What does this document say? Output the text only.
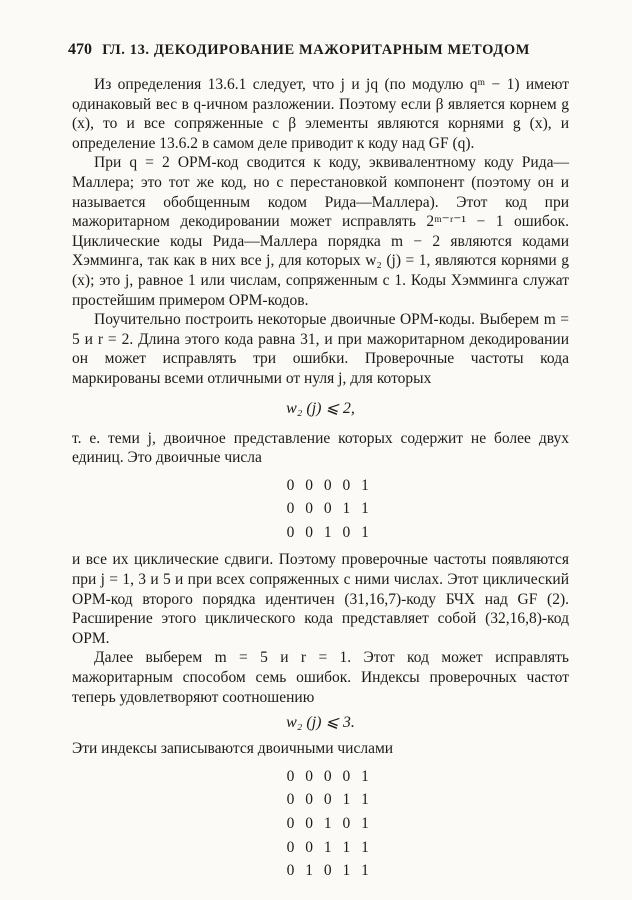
470 ГЛ. 13. ДЕКОДИРОВАНИЕ МАЖОРИТАРНЫМ МЕТОДОМ

Из определения 13.6.1 следует, что j и jq (по модулю qᵐ − 1) имеют одинаковый вес в q-ичном разложении. Поэтому если β является корнем g (x), то и все сопряженные с β элементы являются корнями g (x), и определение 13.6.2 в самом деле приводит к коду над GF (q).

При q = 2 ОРМ-код сводится к коду, эквивалентному коду Рида—Маллера; это тот же код, но с перестановкой компонент (поэтому он и называется обобщенным кодом Рида—Маллера). Этот код при мажоритарном декодировании может исправлять 2ᵐ⁻ʳ⁻¹ − 1 ошибок. Циклические коды Рида—Маллера порядка m − 2 являются кодами Хэмминга, так как в них все j, для которых w₂ (j) = 1, являются корнями g (x); это j, равное 1 или числам, сопряженным с 1. Коды Хэмминга служат простейшим примером ОРМ-кодов.

Поучительно построить некоторые двоичные ОРМ-коды. Выберем m = 5 и r = 2. Длина этого кода равна 31, и при мажоритарном декодировании он может исправлять три ошибки. Проверочные частоты кода маркированы всеми отличными от нуля j, для которых

w₂ (j) ⩽ 2,

т. е. теми j, двоичное представление которых содержит не более двух единиц. Это двоичные числа

0 0 0 0 1
0 0 0 1 1
0 0 1 0 1

и все их циклические сдвиги. Поэтому проверочные частоты появляются при j = 1, 3 и 5 и при всех сопряженных с ними числах. Этот циклический ОРМ-код второго порядка идентичен (31,16,7)-коду БЧХ над GF (2). Расширение этого циклического кода представляет собой (32,16,8)-код ОРМ.

Далее выберем m = 5 и r = 1. Этот код может исправлять мажоритарным способом семь ошибок. Индексы проверочных частот теперь удовлетворяют соотношению

w₂ (j) ⩽ 3.

Эти индексы записываются двоичными числами

0 0 0 0 1
0 0 0 1 1
0 0 1 0 1
0 0 1 1 1
0 1 0 1 1
